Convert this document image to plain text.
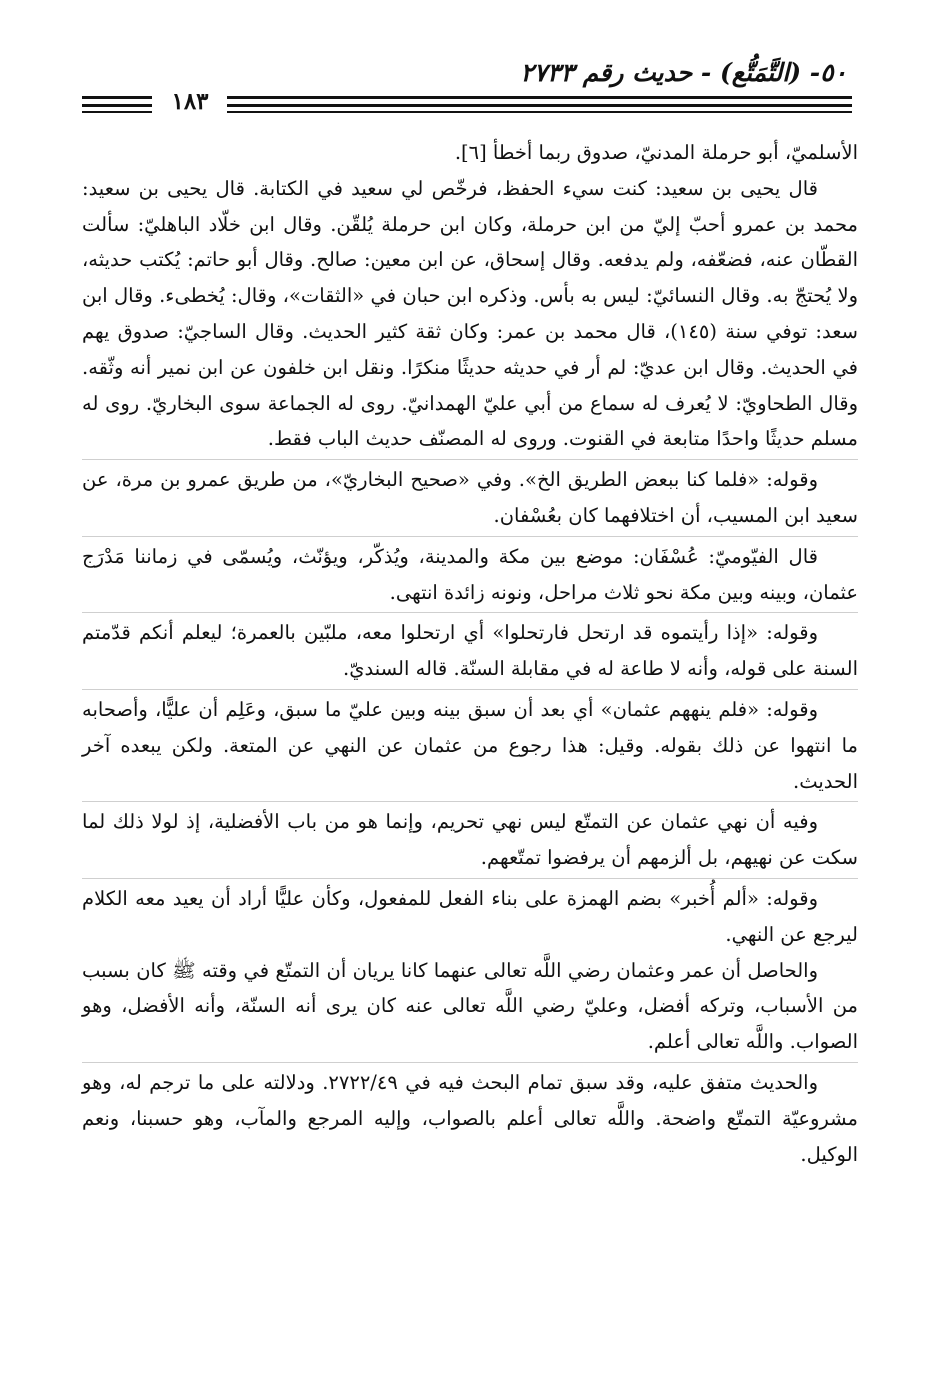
٥٠- (التَّمَتُّع) - حديث رقم ٢٧٣٣
١٨٣

الأسلميّ، أبو حرملة المدنيّ، صدوق ربما أخطأ [٦].

قال يحيى بن سعيد: كنت سيء الحفظ، فرخّص لي سعيد في الكتابة. قال يحيى بن سعيد: محمد بن عمرو أحبّ إليّ من ابن حرملة، وكان ابن حرملة يُلقّن. وقال ابن خلّاد الباهليّ: سألت القطّان عنه، فضعّفه، ولم يدفعه. وقال إسحاق، عن ابن معين: صالح. وقال أبو حاتم: يُكتب حديثه، ولا يُحتجّ به. وقال النسائيّ: ليس به بأس. وذكره ابن حبان في «الثقات»، وقال: يُخطىء. وقال ابن سعد: توفي سنة (١٤٥)، قال محمد بن عمر: وكان ثقة كثير الحديث. وقال الساجيّ: صدوق يهم في الحديث. وقال ابن عديّ: لم أر في حديثه حديثًا منكرًا. ونقل ابن خلفون عن ابن نمير أنه وثّقه. وقال الطحاويّ: لا يُعرف له سماع من أبي عليّ الهمدانيّ. روى له الجماعة سوى البخاريّ. روى له مسلم حديثًا واحدًا متابعة في القنوت. وروى له المصنّف حديث الباب فقط.

وقوله: «فلما كنا ببعض الطريق الخ». وفي «صحيح البخاريّ»، من طريق عمرو بن مرة، عن سعيد ابن المسيب، أن اختلافهما كان بعُسْفان.

قال الفيّوميّ: عُسْفَان: موضع بين مكة والمدينة، ويُذكّر، ويؤنّث، ويُسمّى في زماننا مَدْرَج عثمان، وبينه وبين مكة نحو ثلاث مراحل، ونونه زائدة انتهى.

وقوله: «إذا رأيتموه قد ارتحل فارتحلوا» أي ارتحلوا معه، ملبّين بالعمرة؛ ليعلم أنكم قدّمتم السنة على قوله، وأنه لا طاعة له في مقابلة السنّة. قاله السنديّ.

وقوله: «فلم ينههم عثمان» أي بعد أن سبق بينه وبين عليّ ما سبق، وعَلِم أن عليًّا، وأصحابه ما انتهوا عن ذلك بقوله. وقيل: هذا رجوع من عثمان عن النهي عن المتعة. ولكن يبعده آخر الحديث.

وفيه أن نهي عثمان عن التمتّع ليس نهي تحريم، وإنما هو من باب الأفضلية، إذ لولا ذلك لما سكت عن نهيهم، بل ألزمهم أن يرفضوا تمتّعهم.

وقوله: «ألم أُخبر» بضم الهمزة على بناء الفعل للمفعول، وكأن عليًّا أراد أن يعيد معه الكلام ليرجع عن النهي.

والحاصل أن عمر وعثمان رضي اللَّه تعالى عنهما كانا يريان أن التمتّع في وقته ﷺ كان بسبب من الأسباب، وتركه أفضل، وعليّ رضي اللَّه تعالى عنه كان يرى أنه السنّة، وأنه الأفضل، وهو الصواب. واللَّه تعالى أعلم.

والحديث متفق عليه، وقد سبق تمام البحث فيه في ٢٧٢٢/٤٩. ودلالته على ما ترجم له، وهو مشروعيّة التمتّع واضحة. واللَّه تعالى أعلم بالصواب، وإليه المرجع والمآب، وهو حسبنا، ونعم الوكيل.
